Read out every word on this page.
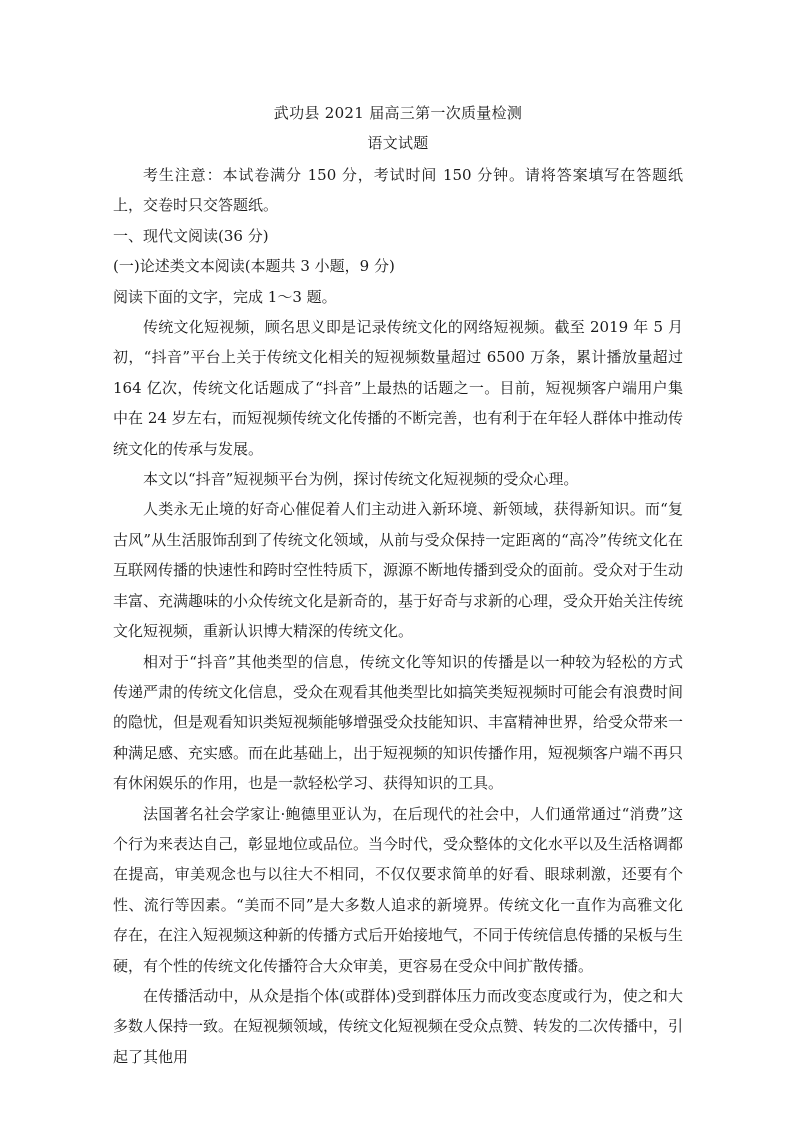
武功县 2021 届高三第一次质量检测
语文试题

考生注意：本试卷满分 150 分，考试时间 150 分钟。请将答案填写在答题纸上，交卷时只交答题纸。

一、现代文阅读(36 分)

(一)论述类文本阅读(本题共 3 小题，9 分)

阅读下面的文字，完成 1～3 题。

传统文化短视频，顾名思义即是记录传统文化的网络短视频。截至 2019 年 5 月初，“抖音”平台上关于传统文化相关的短视频数量超过 6500 万条，累计播放量超过 164 亿次，传统文化话题成了“抖音”上最热的话题之一。目前，短视频客户端用户集中在 24 岁左右，而短视频传统文化传播的不断完善，也有利于在年轻人群体中推动传统文化的传承与发展。

本文以“抖音”短视频平台为例，探讨传统文化短视频的受众心理。

人类永无止境的好奇心催促着人们主动进入新环境、新领域，获得新知识。而“复古风”从生活服饰刮到了传统文化领域，从前与受众保持一定距离的“高冷”传统文化在互联网传播的快速性和跨时空性特质下，源源不断地传播到受众的面前。受众对于生动丰富、充满趣味的小众传统文化是新奇的，基于好奇与求新的心理，受众开始关注传统文化短视频，重新认识博大精深的传统文化。

相对于“抖音”其他类型的信息，传统文化等知识的传播是以一种较为轻松的方式传递严肃的传统文化信息，受众在观看其他类型比如搞笑类短视频时可能会有浪费时间的隐忧，但是观看知识类短视频能够增强受众技能知识、丰富精神世界，给受众带来一种满足感、充实感。而在此基础上，出于短视频的知识传播作用，短视频客户端不再只有休闲娱乐的作用，也是一款轻松学习、获得知识的工具。

法国著名社会学家让·鲍德里亚认为，在后现代的社会中，人们通常通过“消费”这个行为来表达自己，彰显地位或品位。当今时代，受众整体的文化水平以及生活格调都在提高，审美观念也与以往大不相同，不仅仅要求简单的好看、眼球刺激，还要有个性、流行等因素。“美而不同”是大多数人追求的新境界。传统文化一直作为高雅文化存在，在注入短视频这种新的传播方式后开始接地气，不同于传统信息传播的呆板与生硬，有个性的传统文化传播符合大众审美，更容易在受众中间扩散传播。

在传播活动中，从众是指个体(或群体)受到群体压力而改变态度或行为，使之和大多数人保持一致。在短视频领域，传统文化短视频在受众点赞、转发的二次传播中，引起了其他用
